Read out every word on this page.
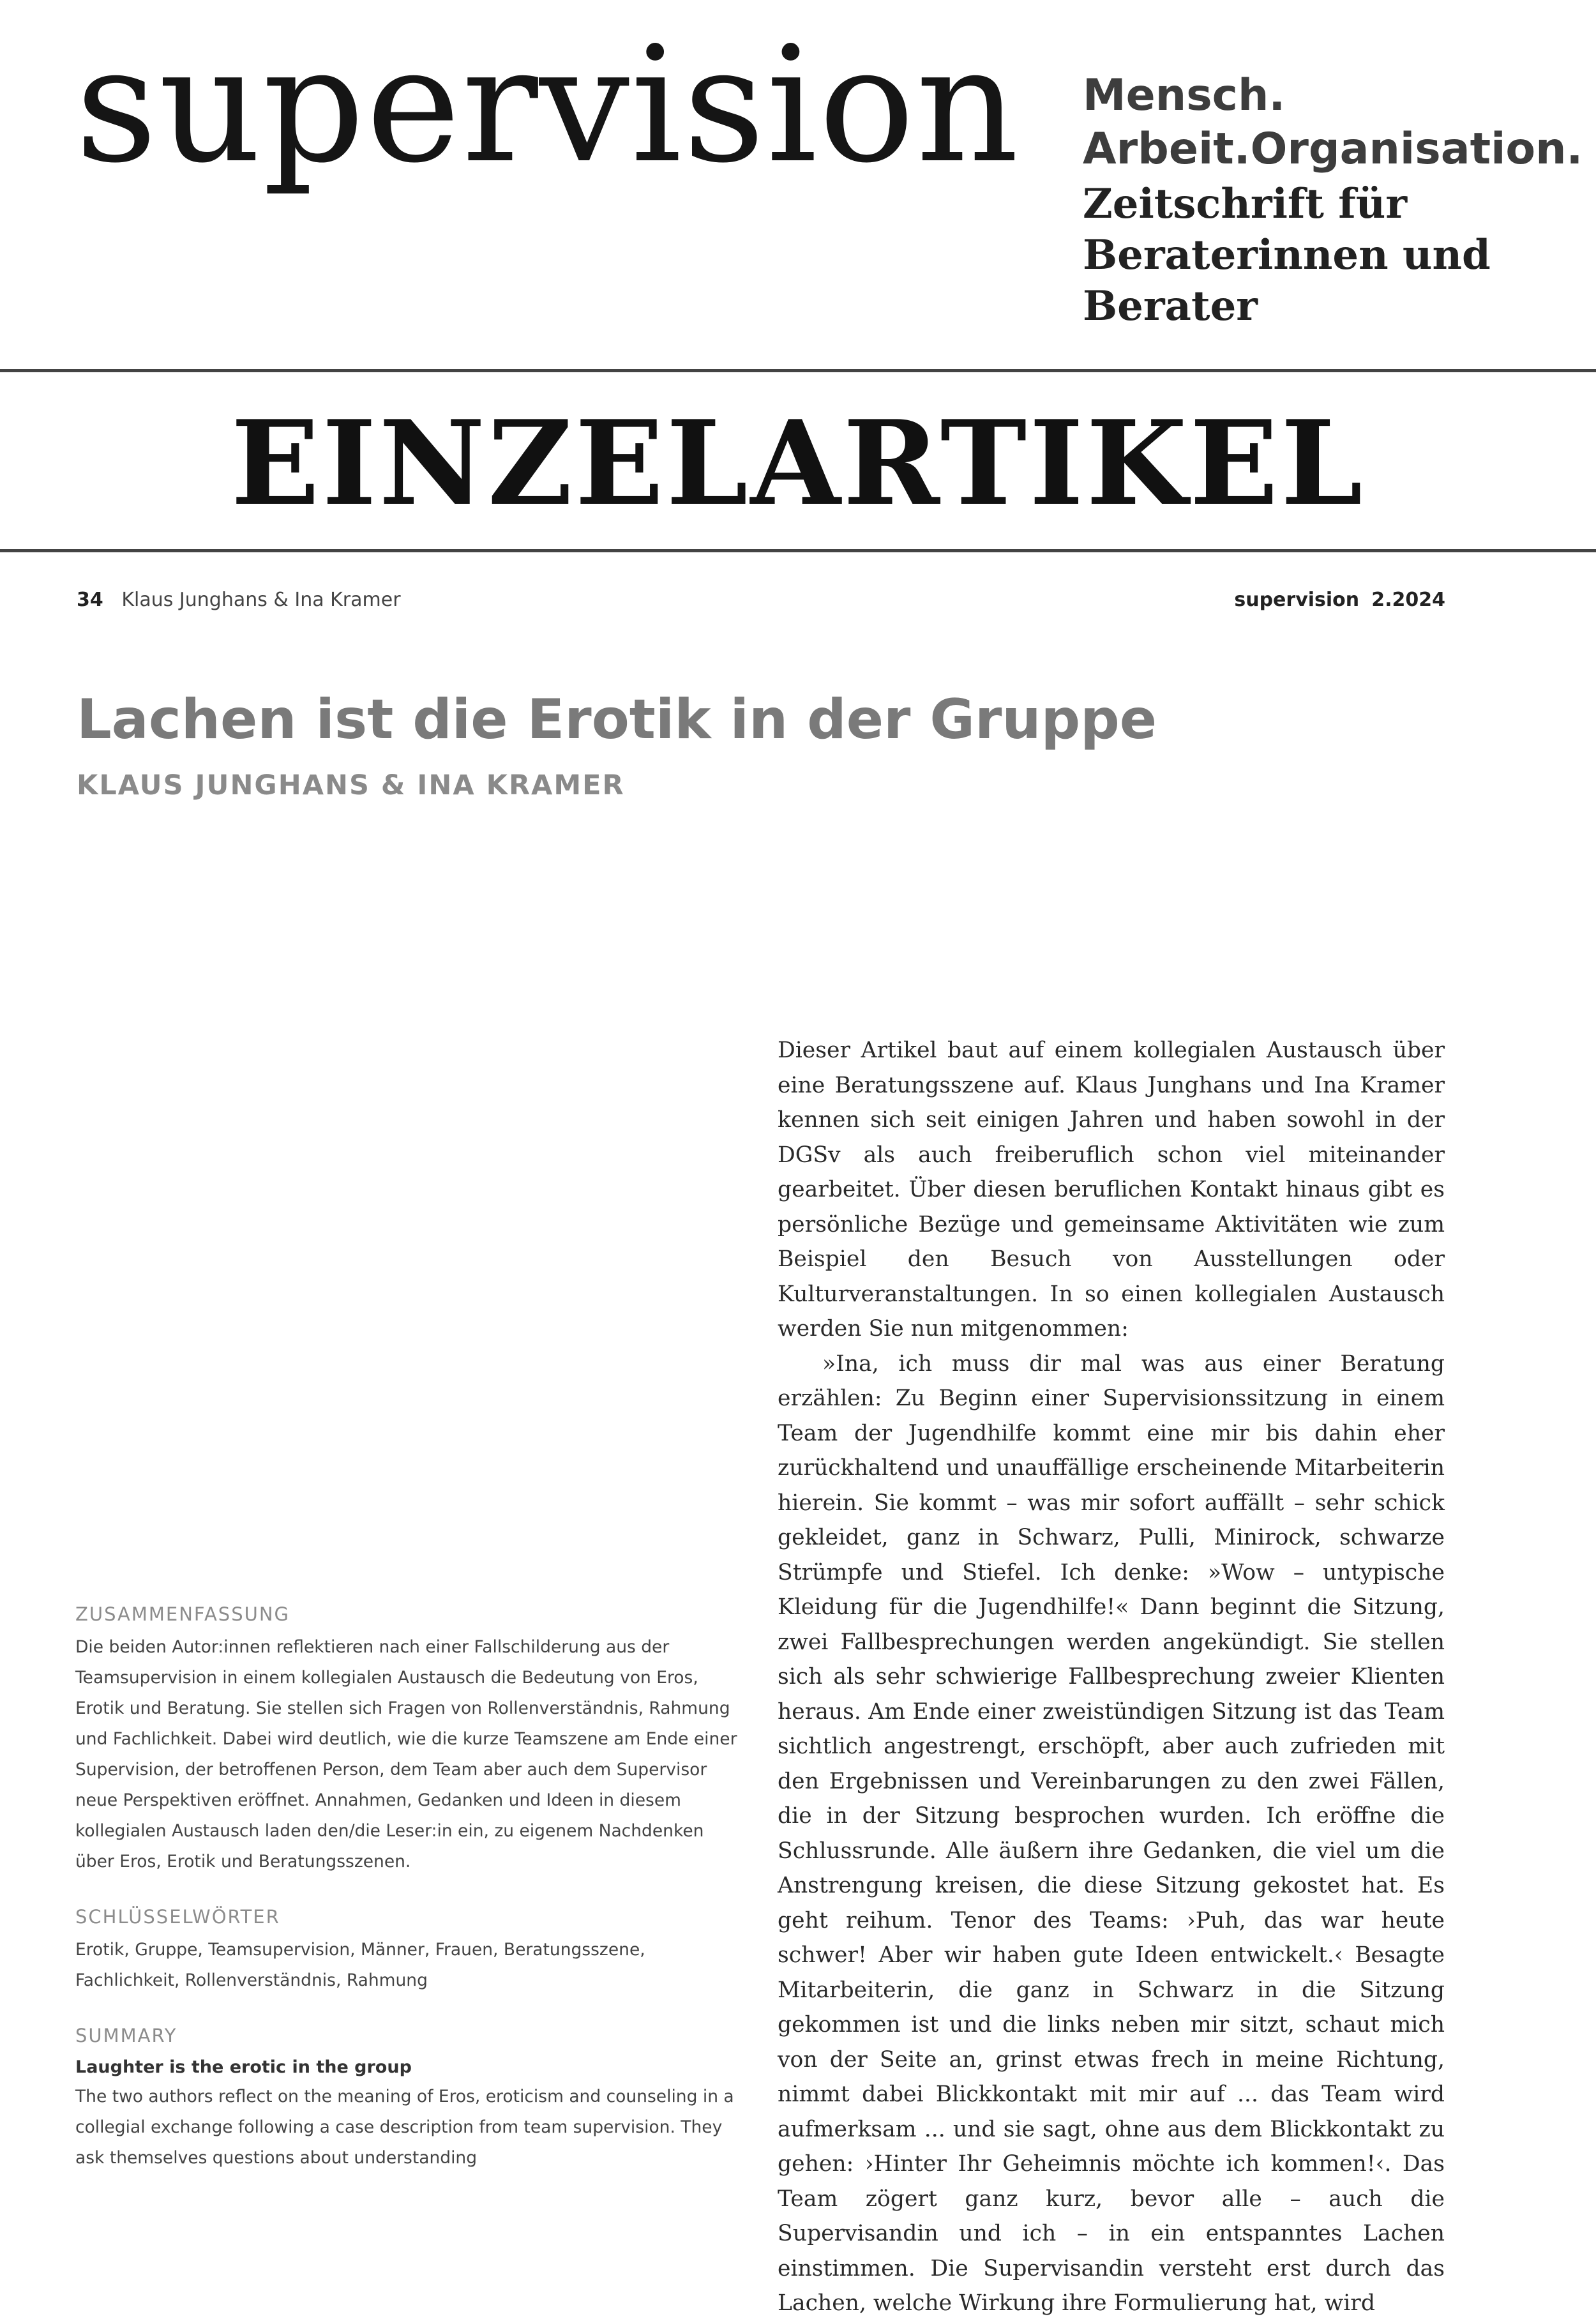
supervision Mensch.
Arbeit.Organisation.
Zeitschrift für
Beraterinnen und
Berater
EINZELARTIKEL
34 Klaus Junghans & Ina Kramer	supervision 2.2024
Lachen ist die Erotik in der Gruppe
KLAUS JUNGHANS & INA KRAMER

Dieser Artikel baut auf einem kollegialen Austausch über eine Beratungsszene auf. Klaus Junghans und Ina Kramer kennen sich seit einigen Jahren und haben sowohl in der DGSv als auch freiberuflich schon viel miteinander gearbeitet. Über diesen beruflichen Kontakt hinaus gibt es persönliche Bezüge und gemeinsame Aktivitäten wie zum Beispiel den Besuch von Ausstellungen oder Kulturveranstaltungen. In so einen kollegialen Austausch werden Sie nun mitgenommen:

»Ina, ich muss dir mal was aus einer Beratung erzählen: Zu Beginn einer Supervisionssitzung in einem Team der Jugendhilfe kommt eine mir bis dahin eher zurückhaltend und unauffällige erscheinende Mitarbeiterin hierein. Sie kommt – was mir sofort auffällt – sehr schick gekleidet, ganz in Schwarz, Pulli, Minirock, schwarze Strümpfe und Stiefel. Ich denke: »Wow – untypische Kleidung für die Jugendhilfe!« Dann beginnt die Sitzung, zwei Fallbesprechungen werden angekündigt. Sie stellen sich als sehr schwierige Fallbesprechung zweier Klienten heraus. Am Ende einer zweistündigen Sitzung ist das Team sichtlich angestrengt, erschöpft, aber auch zufrieden mit den Ergebnissen und Vereinbarungen zu den zwei Fällen, die in der Sitzung besprochen wurden. Ich eröffne die Schlussrunde. Alle äußern ihre Gedanken, die viel um die Anstrengung kreisen, die diese Sitzung gekostet hat. Es geht reihum. Tenor des Teams: ›Puh, das war heute schwer! Aber wir haben gute Ideen entwickelt.‹ Besagte Mitarbeiterin, die ganz in Schwarz in die Sitzung gekommen ist und die links neben mir sitzt, schaut mich von der Seite an, grinst etwas frech in meine Richtung, nimmt dabei Blickkontakt mit mir auf ... das Team wird aufmerksam ... und sie sagt, ohne aus dem Blickkontakt zu gehen: ›Hinter Ihr Geheimnis möchte ich kommen!‹. Das Team zögert ganz kurz, bevor alle – auch die Supervisandin und ich – in ein entspanntes Lachen einstimmen. Die Supervisandin versteht erst durch das Lachen, welche Wirkung ihre Formulierung hat, wird

ZUSAMMENFASSUNG
Die beiden Autor:innen reflektieren nach einer Fallschilderung aus der Teamsupervision in einem kollegialen Austausch die Bedeutung von Eros, Erotik und Beratung. Sie stellen sich Fragen von Rollenverständnis, Rahmung und Fachlichkeit. Dabei wird deutlich, wie die kurze Teamszene am Ende einer Supervision, der betroffenen Person, dem Team aber auch dem Supervisor neue Perspektiven eröffnet. Annahmen, Gedanken und Ideen in diesem kollegialen Austausch laden den/die Leser:in ein, zu eigenem Nachdenken über Eros, Erotik und Beratungsszenen.
SCHLÜSSELWÖRTER
Erotik, Gruppe, Teamsupervision, Männer, Frauen, Beratungsszene, Fachlichkeit, Rollenverständnis, Rahmung
SUMMARY
Laughter is the erotic in the group
The two authors reflect on the meaning of Eros, eroticism and counseling in a collegial exchange following a case description from team supervision. They ask themselves questions about understanding
